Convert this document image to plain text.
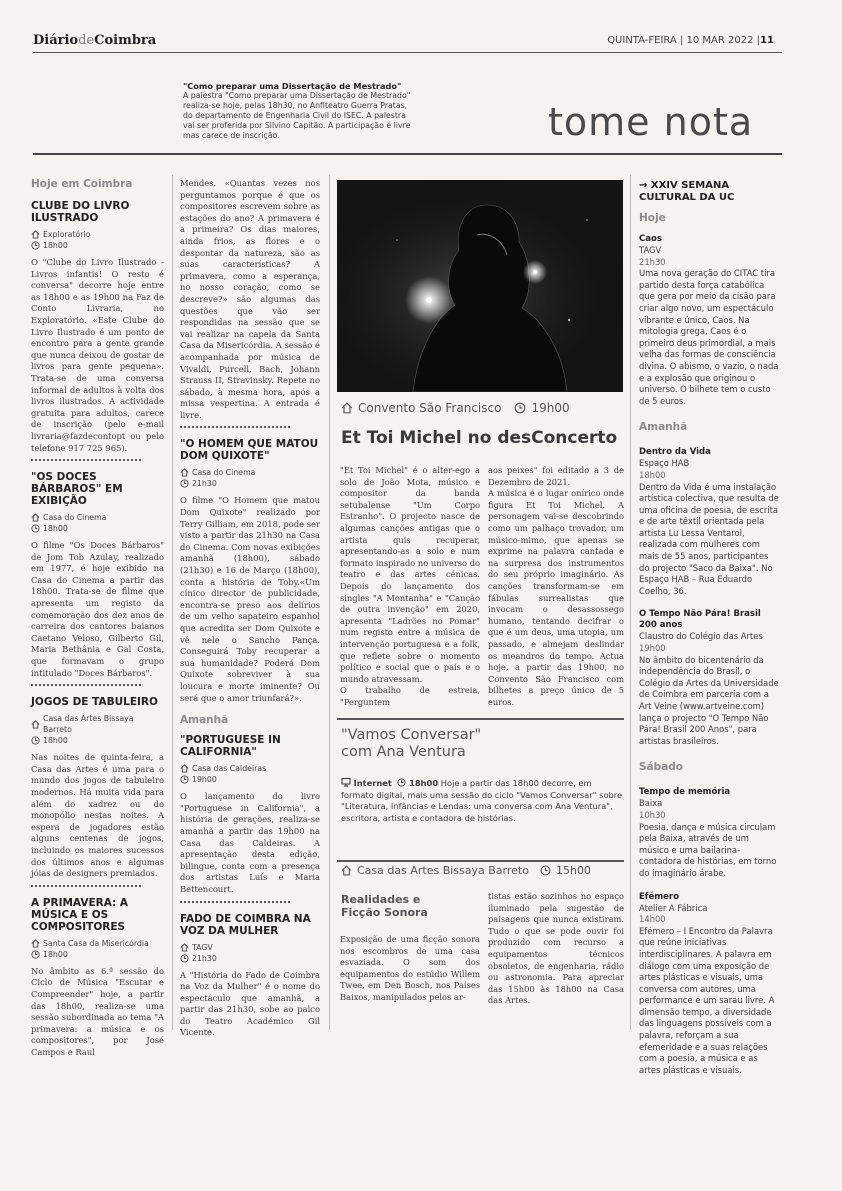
DiáriodeCoimbra	QUINTA-FEIRA | 10 MAR 2022 | 11
"Como preparar uma Dissertação de Mestrado"
A palestra "Como preparar uma Dissertação de Mestrado" realiza-se hoje, pelas 18h30, no Anfiteatro Guerra Pratas, do departamento de Engenharia Civil do ISEC. A palestra vai ser proferida por Silvino Capitão. A participação é livre mas carece de inscrição.	tome nota
Hoje em Coimbra
CLUBE DO LIVRO ILUSTRADO
Exploratório
18h00
O "Clube do Livro Ilustrado - Livros infantis! O resto é conversa" decorre hoje entre as 18h00 e as 19h00 na Faz de Conto Livraria, no Exploratório. «Este Clube do Livro Ilustrado é um ponto de encontro para a gente grande que nunca deixou de gostar de livros para gente pequena». Trata-se de uma conversa informal de adultos à volta dos livros ilustrados. A actividade gratuita para adultos, carece de inscrição (pelo e-mail livraria@fazdecontopt ou pelo telefone 917 725 965).
"OS DOCES BÁRBAROS" EM EXIBIÇÃO
Casa do Cinema
18h00
O filme "Os Doces Bárbaros" de Jom Tob Azulay, realizado em 1977, é hoje exibido na Casa do Cinema a partir das 18h00. Trata-se de filme que apresenta um registo da comemoração dos dez anos de carreira dos cantores baianos Caetano Veloso, Gilberto Gil, Maria Bethânia e Gal Costa, que formavam o grupo intitulado "Doces Bárbaros".
JOGOS DE TABULEIRO
Casa das Artes Bissaya Barreto
18h00
Nas noites de quinta-feira, a Casa das Artes é uma para o mundo dos jogos de tabuleiro modernos. Há muita vida para além do xadrez ou do monopólio nestas noites. A espera de jogadores estão alguns centenas de jogos, incluindo os maiores sucessos dos últimos anos e algumas jóias de designers premiados.
A PRIMAVERA: A MÚSICA E OS COMPOSITORES
Santa Casa da Misericórdia
18h00
No âmbito as 6.ª sessão do Ciclo de Música "Escutar e Compreender" hoje, a partir das 18h00, realiza-se uma sessão subordinada ao tema "A primavera: a música e os compositores", por José Campos e Raul
Mendes. «Quantas vezes nos perguntamos porque é que os compositores escrevem sobre as estações do ano? A primavera é a primeira? Os dias maiores, ainda frios, as flores e o despontar da natureza, são as suas características? A primavera, como a esperança, no nosso coração, como se descreve?» são algumas das questões que vão ser respondidas na sessão que se vai realizar na capela da Santa Casa da Misericórdia. A sessão é acompanhada por música de Vivaldi, Purcell, Bach, Johann Strauss II, Stravinsky. Repete no sábado, à mesma hora, após a missa vespertina. A entrada é livre.
"O HOMEM QUE MATOU DOM QUIXOTE"
Casa do Cinema
21h30
O filme "O Homem que matou Dom Quixote" realizado por Terry Gilliam, em 2018, pode ser visto a partir das 21h30 na Casa do Cinema. Com novas exibições amanhã (18h00), sábado (21h30) e 16 de Março (18h00), conta a história de Toby.«Um cínico director de publicidade, encontra-se preso aos delírios de um velho sapateiro espanhol que acredita ser Dom Quixote e vê nele o Sancho Pança. Conseguirá Toby recuperar a sua humanidade? Poderá Dom Quixote sobreviver à sua loucura e morte iminente? Ou será que o amor triunfará?».
Amanhã
"PORTUGUESE IN CALIFORNIA"
Casa das Caldeiras
19h00
O lançamento do livro "Portuguese in California", a história de gerações, realiza-se amanhã a partir das 19h00 na Casa das Caldeiras. A apresentação desta edição, bilingue, conta com a presença dos artistas Luís e Maria Bettencourt.
FADO DE COIMBRA NA VOZ DA MULHER
TAGV
21h30
A "História do Fado de Coimbra na Voz da Mulher" é o nome do espectáculo que amanhã, a partir das 21h30, sobe ao palco do Teatro Académico Gil Vicente.
Convento São Francisco	19h00
Et Toi Michel no desConcerto
"Et Toi Michel" é o alter-ego a solo de João Mota, músico e compositor da banda setubalense "Um Corpo Estranho". O projecto nasce de algumas canções antigas que o artista quis recuperar, apresentando-as a solo e num formato inspirado no universo do teatro e das artes cénicas. Depois do lançamento dos singles "A Montanha" e "Canção de outra invenção" em 2020, apresenta "Ladrões no Pomar" num registo entre a música de intervenção portuguesa e a folk, que reflete sobre o momento político e social que o país e o mundo atravessam.
O trabalho de estreia, "Perguntem
aos peixes" foi editado a 3 de Dezembro de 2021.
A música é o lugar onírico onde figura Et Toi Michel. A personagem vai-se descobrindo como um palhaço trovador, um músico-mimo, que apenas se exprime na palavra cantada e na surpresa dos instrumentos do seu próprio imaginário. As canções transformam-se em fábulas surrealistas que invocam o desassossego humano, tentando decifrar o que é um deus, uma utopia, um passado, e almejam deslindar os meandros do tempo. Actua hoje, a partir das 19h00, no Convento São Francisco com bilhetes a preço único de 5 euros.
"Vamos Conversar" com Ana Ventura
Internet 18h00 Hoje a partir das 18h00 decorre, em formato digital, mais uma sessão do ciclo "Vamos Conversar" sobre "Literatura, Infâncias e Lendas: uma conversa com Ana Ventura", escritora, artista e contadora de histórias.
Casa das Artes Bissaya Barreto 15h00
Realidades e Ficção Sonora
Exposição de uma ficção sonora nos escombros de uma casa esvaziada. O som dos equipamentos do estúdio Willem Twee, em Den Bosch, nos Países Baixos, manipulados pelos ar-
tistas estão sozinhos no espaço iluminado pela sugestão de paisagens que nunca existiram. Tudo o que se pode ouvir foi produzido com recurso a equipamentos técnicos obsoletos, de engenharia, rádio ou astronomia. Para apreciar das 15h00 às 18h00 na Casa das Artes.
→ XXIV SEMANA CULTURAL DA UC
Hoje
Caos
TAGV
21h30
Uma nova geração do CITAC tira partido desta força catabólica que gera por meio da cisão para criar algo novo, um espectáculo vibrante e único, Caos. Na mitologia grega, Caos é o primeiro deus primordial, a mais velha das formas de consciência divina. O abismo, o vazio, o nada e a explosão que originou o universo. O bilhete tem o custo de 5 euros.
Amanhã
Dentro da Vida
Espaço HAB
18h00
Dentro da Vida é uma instalação artística colectiva, que resulta de uma oficina de poesia, de escrita e de arte têxtil orientada pela artista Lu Lessa Ventarol, realizada com mulheres com mais de 55 anos, participantes do projecto "Saco da Baixa". No Espaço HAB – Rua Eduardo Coelho, 36.
O Tempo Não Pára! Brasil 200 anos
Claustro do Colégio das Artes
19h00
No âmbito do bicentenário da independência do Brasil, o Colégio da Artes da Universidade de Coimbra em parceria com a Art Veine (www.artveine.com) lança o projecto "O Tempo Não Pára! Brasil 200 Anos", para artistas brasileiros.
Sábado
Tempo de memória
Baixa
10h30
Poesia, dança e música circulam pela Baixa, através de um músico e uma bailarina-contadora de histórias, em torno do imaginário árabe.
Efémero
Atelier A Fábrica
14h00
Efémero – I Encontro da Palavra que reúne iniciativas interdisciplinares. A palavra em diálogo com uma exposição de artes plásticas e visuais, uma conversa com autores, uma performance e um sarau livre. A dimensão tempo, a diversidade das linguagens possíveis com a palavra, reforçam a sua efemeridade e a suas relações com a poesia, a música e as artes plásticas e visuais.
